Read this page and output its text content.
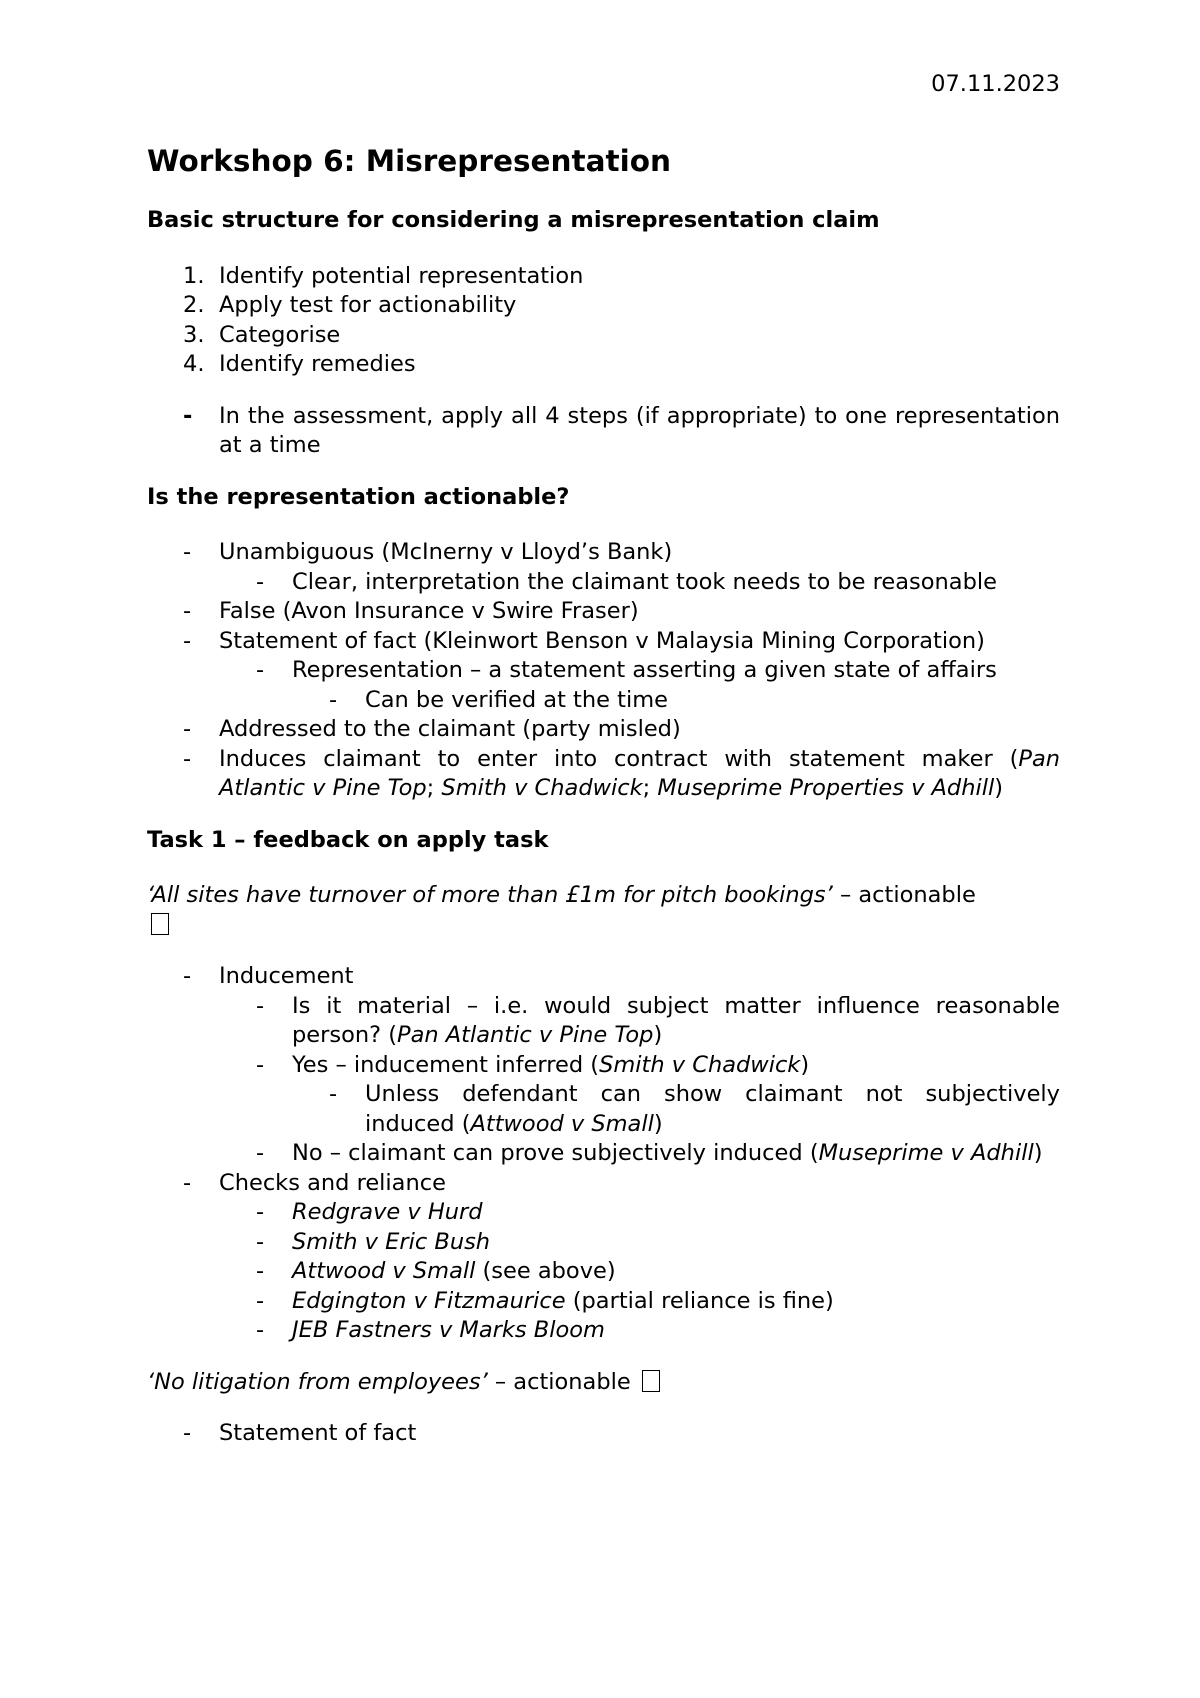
07.11.2023
Workshop 6: Misrepresentation
Basic structure for considering a misrepresentation claim
1. Identify potential representation
2. Apply test for actionability
3. Categorise
4. Identify remedies
- In the assessment, apply all 4 steps (if appropriate) to one representation at a time
Is the representation actionable?
- Unambiguous (McInerny v Lloyd’s Bank)
- Clear, interpretation the claimant took needs to be reasonable
- False (Avon Insurance v Swire Fraser)
- Statement of fact (Kleinwort Benson v Malaysia Mining Corporation)
- Representation – a statement asserting a given state of affairs
- Can be verified at the time
- Addressed to the claimant (party misled)
- Induces claimant to enter into contract with statement maker (Pan Atlantic v Pine Top; Smith v Chadwick; Museprime Properties v Adhill)
Task 1 – feedback on apply task
‘All sites have turnover of more than £1m for pitch bookings’ – actionable

- Inducement
- Is it material – i.e. would subject matter influence reasonable person? (Pan Atlantic v Pine Top)
- Yes – inducement inferred (Smith v Chadwick)
- Unless defendant can show claimant not subjectively induced (Attwood v Small)
- No – claimant can prove subjectively induced (Museprime v Adhill)
- Checks and reliance
- Redgrave v Hurd
- Smith v Eric Bush
- Attwood v Small (see above)
- Edgington v Fitzmaurice (partial reliance is fine)
- JEB Fastners v Marks Bloom
‘No litigation from employees’ – actionable
- Statement of fact
